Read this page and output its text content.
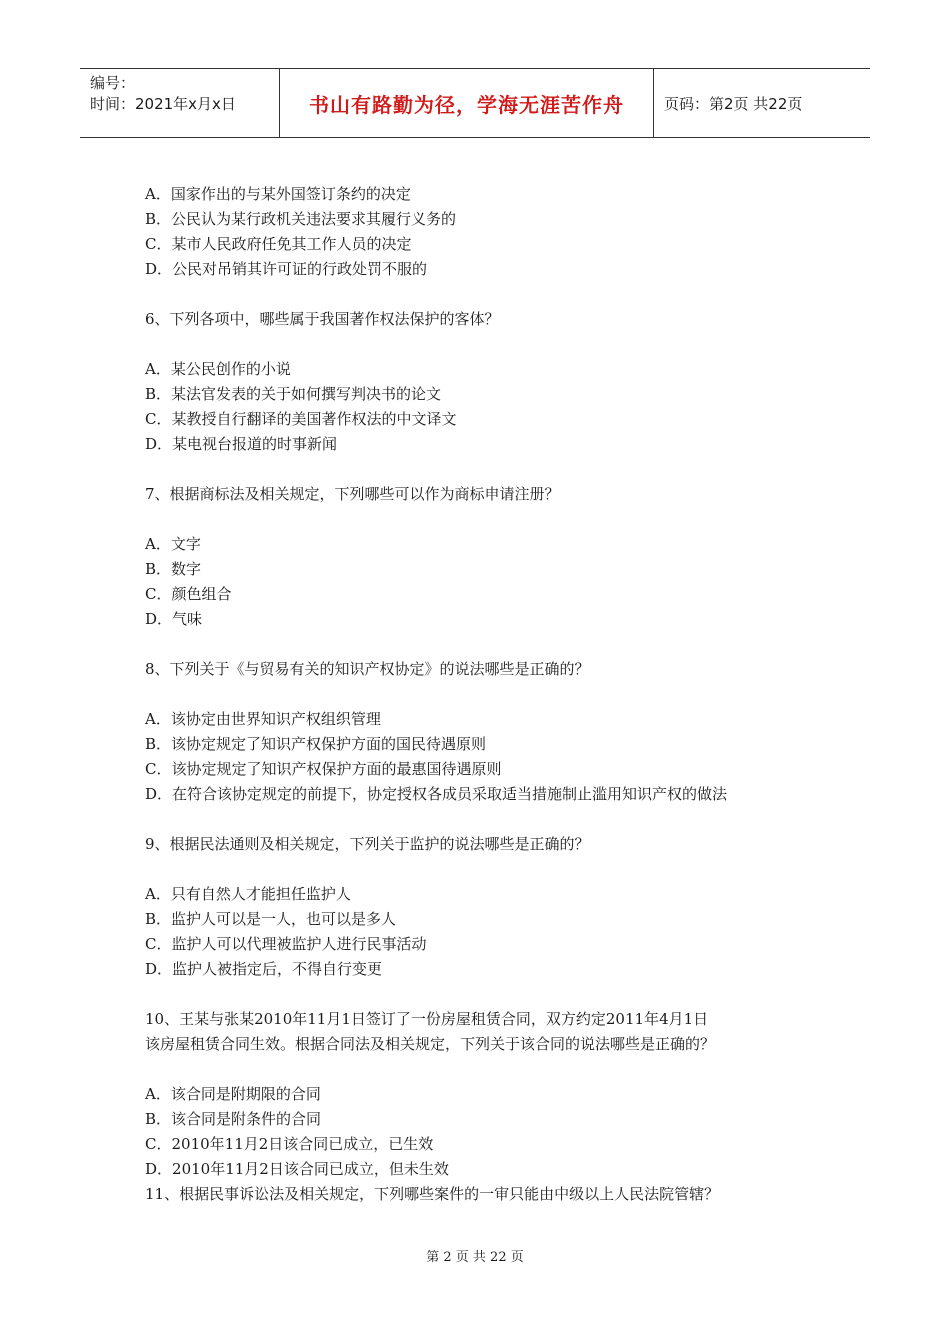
编号：
时间：2021年x月x日	书山有路勤为径，学海无涯苦作舟	页码：第2页 共22页
A．国家作出的与某外国签订条约的决定
B．公民认为某行政机关违法要求其履行义务的
C．某市人民政府任免其工作人员的决定
D．公民对吊销其许可证的行政处罚不服的
6、下列各项中，哪些属于我国著作权法保护的客体？
A．某公民创作的小说
B．某法官发表的关于如何撰写判决书的论文
C．某教授自行翻译的美国著作权法的中文译文
D．某电视台报道的时事新闻
7、根据商标法及相关规定，下列哪些可以作为商标申请注册？
A．文字
B．数字
C．颜色组合
D．气味
8、下列关于《与贸易有关的知识产权协定》的说法哪些是正确的？
A．该协定由世界知识产权组织管理
B．该协定规定了知识产权保护方面的国民待遇原则
C．该协定规定了知识产权保护方面的最惠国待遇原则
D．在符合该协定规定的前提下，协定授权各成员采取适当措施制止滥用知识产权的做法
9、根据民法通则及相关规定，下列关于监护的说法哪些是正确的？
A．只有自然人才能担任监护人
B．监护人可以是一人，也可以是多人
C．监护人可以代理被监护人进行民事活动
D．监护人被指定后，不得自行变更
10、王某与张某2010年11月1日签订了一份房屋租赁合同，双方约定2011年4月1日
该房屋租赁合同生效。根据合同法及相关规定，下列关于该合同的说法哪些是正确的？
A．该合同是附期限的合同
B．该合同是附条件的合同
C．2010年11月2日该合同已成立，已生效
D．2010年11月2日该合同已成立，但未生效
11、根据民事诉讼法及相关规定，下列哪些案件的一审只能由中级以上人民法院管辖？
第 2 页 共 22 页
